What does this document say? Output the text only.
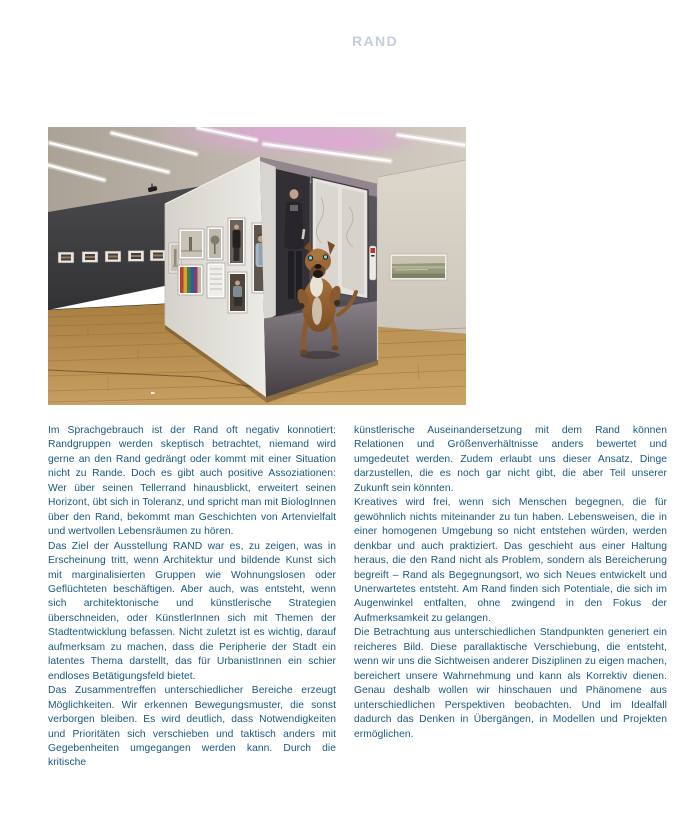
RAND

Im Sprachgebrauch ist der Rand oft negativ konnotiert: Randgruppen werden skeptisch betrachtet, niemand wird gerne an den Rand gedrängt oder kommt mit einer Situation nicht zu Rande. Doch es gibt auch positive Assoziationen: Wer über seinen Tellerrand hinausblickt, erweitert seinen Horizont, übt sich in Toleranz, und spricht man mit BiologInnen über den Rand, bekommt man Geschichten von Artenvielfalt und wertvollen Lebensräumen zu hören.

Das Ziel der Ausstellung RAND war es, zu zeigen, was in Erscheinung tritt, wenn Architektur und bildende Kunst sich mit marginalisierten Gruppen wie Wohnungslosen oder Geflüchteten beschäftigen. Aber auch, was entsteht, wenn sich architektonische und künstlerische Strategien überschneiden, oder KünstlerInnen sich mit Themen der Stadtentwicklung befassen. Nicht zuletzt ist es wichtig, darauf aufmerksam zu machen, dass die Peripherie der Stadt ein latentes Thema darstellt, das für UrbanistInnen ein schier endloses Betätigungsfeld bietet.

Das Zusammentreffen unterschiedlicher Bereiche erzeugt Möglichkeiten. Wir erkennen Bewegungsmuster, die sonst verborgen bleiben. Es wird deutlich, dass Notwendigkeiten und Prioritäten sich verschieben und taktisch anders mit Gegebenheiten umgegangen werden kann. Durch die kritische

künstlerische Auseinandersetzung mit dem Rand können Relationen und Größenverhältnisse anders bewertet und umgedeutet werden. Zudem erlaubt uns dieser Ansatz, Dinge darzustellen, die es noch gar nicht gibt, die aber Teil unserer Zukunft sein könnten.

Kreatives wird frei, wenn sich Menschen begegnen, die für gewöhnlich nichts miteinander zu tun haben. Lebensweisen, die in einer homogenen Umgebung so nicht entstehen würden, werden denkbar und auch praktiziert. Das geschieht aus einer Haltung heraus, die den Rand nicht als Problem, sondern als Bereicherung begreift – Rand als Begegnungsort, wo sich Neues entwickelt und Unerwartetes entsteht. Am Rand finden sich Potentiale, die sich im Augenwinkel entfalten, ohne zwingend in den Fokus der Aufmerksamkeit zu gelangen.

Die Betrachtung aus unterschiedlichen Standpunkten generiert ein reicheres Bild. Diese parallaktische Verschiebung, die entsteht, wenn wir uns die Sichtweisen anderer Disziplinen zu eigen machen, bereichert unsere Wahrnehmung und kann als Korrektiv dienen. Genau deshalb wollen wir hinschauen und Phänomene aus unterschiedlichen Perspektiven beobachten. Und im Idealfall dadurch das Denken in Übergängen, in Modellen und Projekten ermöglichen.
